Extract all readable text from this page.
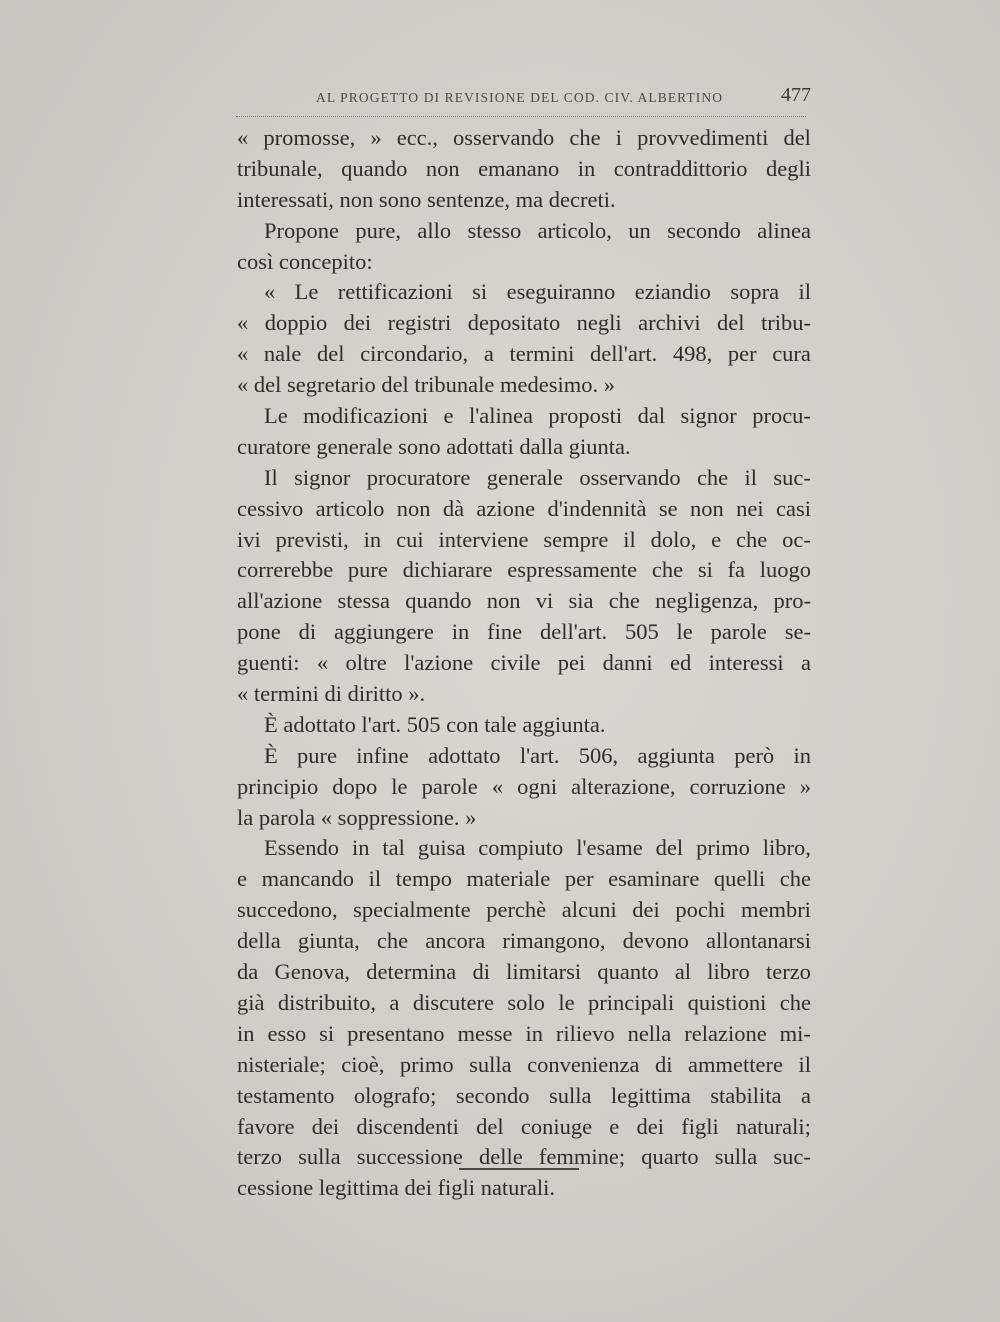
AL PROGETTO DI REVISIONE DEL COD. CIV. ALBERTINO	477
« promosse, » ecc., osservando che i provvedimenti del
tribunale, quando non emanano in contraddittorio degli
interessati, non sono sentenze, ma decreti.
Propone pure, allo stesso articolo, un secondo alinea
così concepito:
« Le rettificazioni si eseguiranno eziandio sopra il
« doppio dei registri depositato negli archivi del tribu-
« nale del circondario, a termini dell'art. 498, per cura
« del segretario del tribunale medesimo. »
Le modificazioni e l'alinea proposti dal signor procu-
curatore generale sono adottati dalla giunta.
Il signor procuratore generale osservando che il suc-
cessivo articolo non dà azione d'indennità se non nei casi
ivi previsti, in cui interviene sempre il dolo, e che oc-
correrebbe pure dichiarare espressamente che si fa luogo
all'azione stessa quando non vi sia che negligenza, pro-
pone di aggiungere in fine dell'art. 505 le parole se-
guenti: « oltre l'azione civile pei danni ed interessi a
« termini di diritto ».
È adottato l'art. 505 con tale aggiunta.
È pure infine adottato l'art. 506, aggiunta però in
principio dopo le parole « ogni alterazione, corruzione »
la parola « soppressione. »
Essendo in tal guisa compiuto l'esame del primo libro,
e mancando il tempo materiale per esaminare quelli che
succedono, specialmente perchè alcuni dei pochi membri
della giunta, che ancora rimangono, devono allontanarsi
da Genova, determina di limitarsi quanto al libro terzo
già distribuito, a discutere solo le principali quistioni che
in esso si presentano messe in rilievo nella relazione mi-
nisteriale; cioè, primo sulla convenienza di ammettere il
testamento olografo; secondo sulla legittima stabilita a
favore dei discendenti del coniuge e dei figli naturali;
terzo sulla successione delle femmine; quarto sulla suc-
cessione legittima dei figli naturali.
